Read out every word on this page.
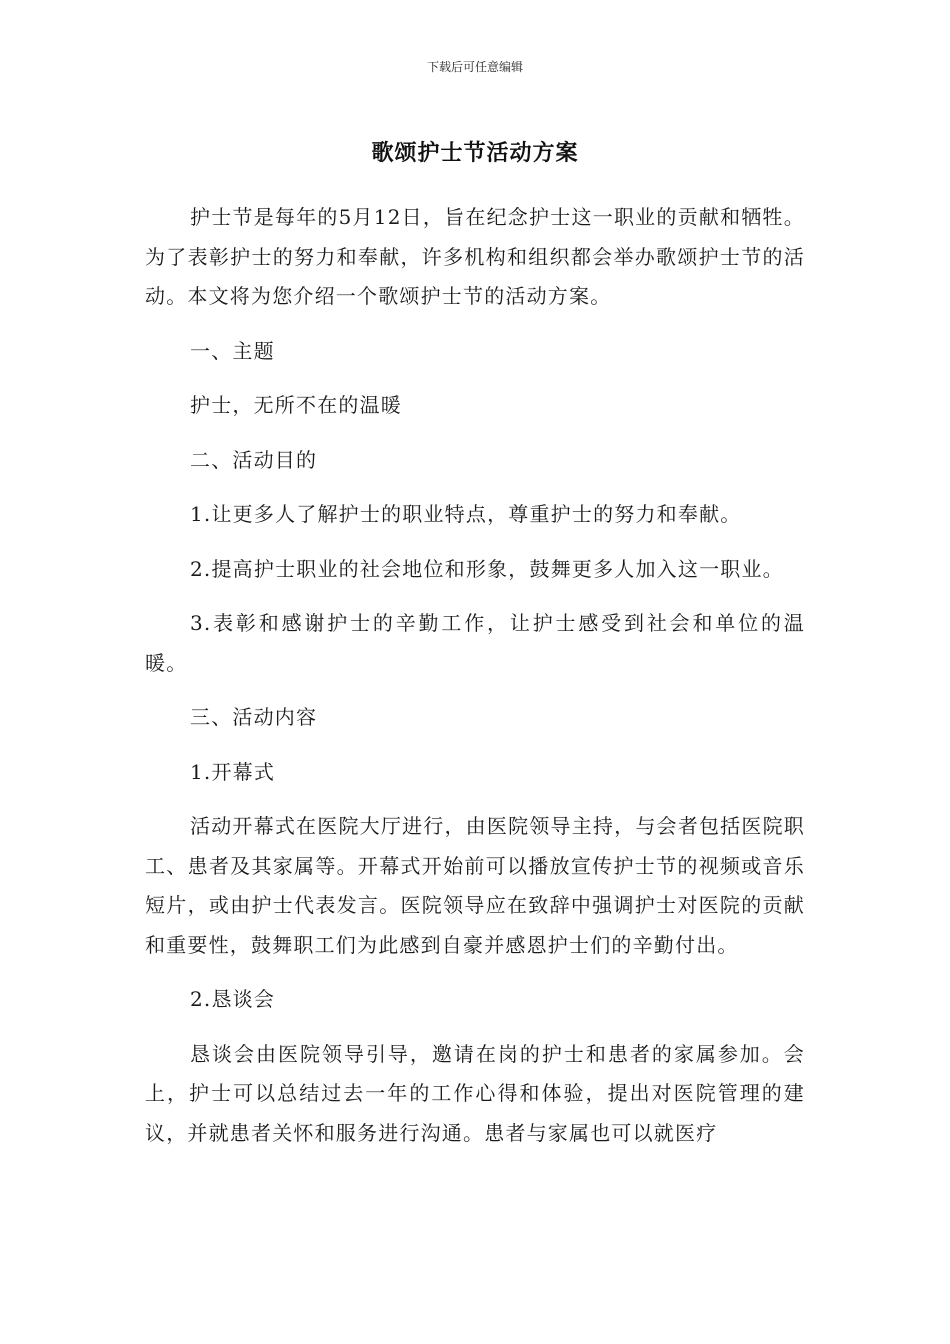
下载后可任意编辑
歌颂护士节活动方案

护士节是每年的5月12日，旨在纪念护士这一职业的贡献和牺牲。为了表彰护士的努力和奉献，许多机构和组织都会举办歌颂护士节的活动。本文将为您介绍一个歌颂护士节的活动方案。

一、主题

护士，无所不在的温暖

二、活动目的

1.让更多人了解护士的职业特点，尊重护士的努力和奉献。

2.提高护士职业的社会地位和形象，鼓舞更多人加入这一职业。

3.表彰和感谢护士的辛勤工作，让护士感受到社会和单位的温暖。

三、活动内容

1.开幕式

活动开幕式在医院大厅进行，由医院领导主持，与会者包括医院职工、患者及其家属等。开幕式开始前可以播放宣传护士节的视频或音乐短片，或由护士代表发言。医院领导应在致辞中强调护士对医院的贡献和重要性，鼓舞职工们为此感到自豪并感恩护士们的辛勤付出。

2.恳谈会

恳谈会由医院领导引导，邀请在岗的护士和患者的家属参加。会上，护士可以总结过去一年的工作心得和体验，提出对医院管理的建议，并就患者关怀和服务进行沟通。患者与家属也可以就医疗
